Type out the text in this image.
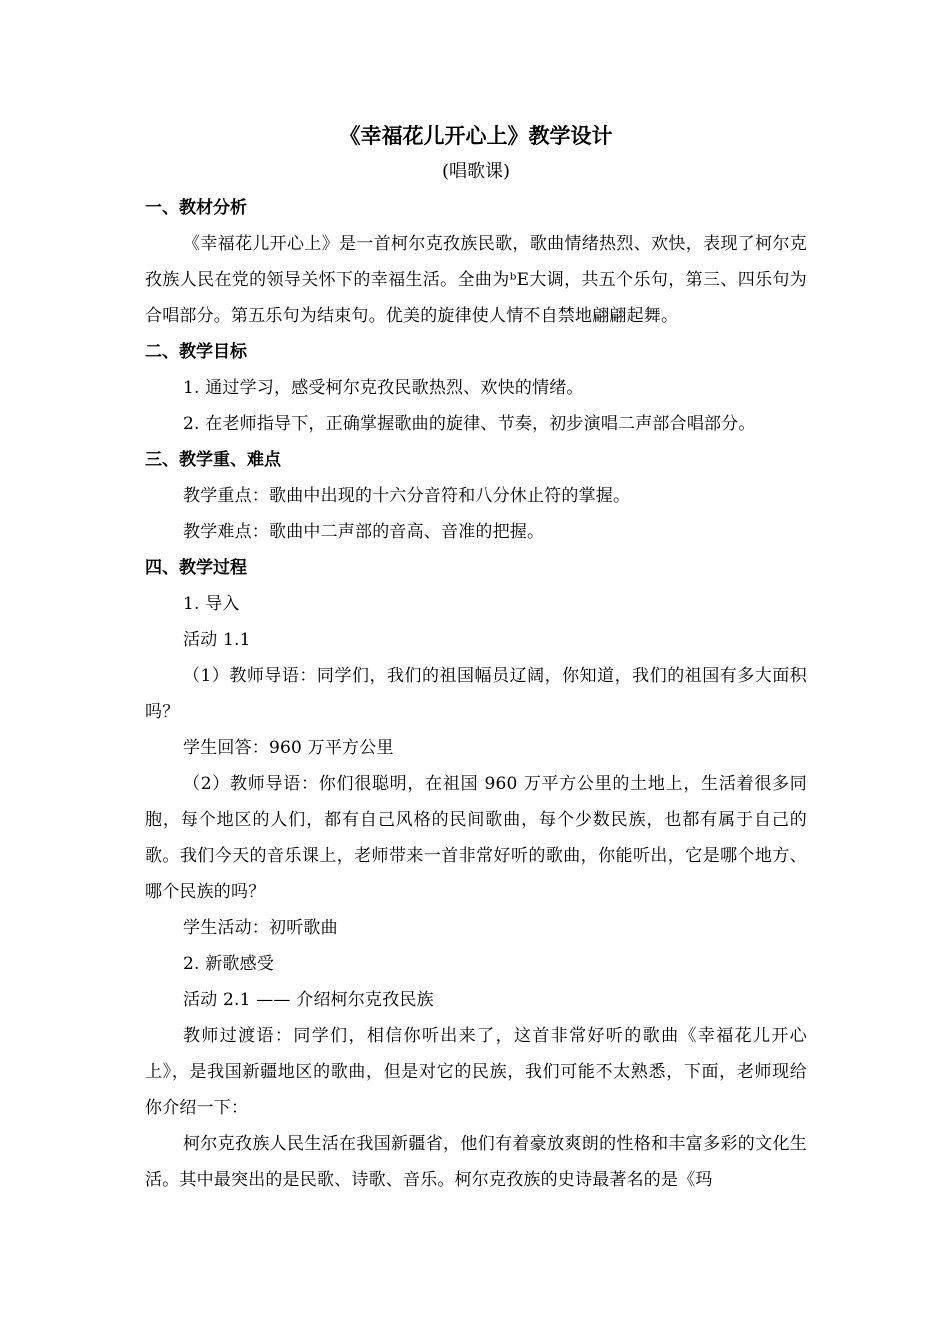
《幸福花儿开心上》教学设计

(唱歌课)

一、教材分析

《幸福花儿开心上》是一首柯尔克孜族民歌，歌曲情绪热烈、欢快，表现了柯尔克孜族人民在党的领导关怀下的幸福生活。全曲为ᵇE大调，共五个乐句，第三、四乐句为合唱部分。第五乐句为结束句。优美的旋律使人情不自禁地翩翩起舞。

二、教学目标

1. 通过学习，感受柯尔克孜民歌热烈、欢快的情绪。

2. 在老师指导下，正确掌握歌曲的旋律、节奏，初步演唱二声部合唱部分。

三、教学重、难点

教学重点：歌曲中出现的十六分音符和八分休止符的掌握。

教学难点：歌曲中二声部的音高、音准的把握。

四、教学过程

1. 导入

活动 1.1

（1）教师导语：同学们，我们的祖国幅员辽阔，你知道，我们的祖国有多大面积吗？

学生回答：960 万平方公里

（2）教师导语：你们很聪明，在祖国 960 万平方公里的土地上，生活着很多同胞，每个地区的人们，都有自己风格的民间歌曲，每个少数民族，也都有属于自己的歌。我们今天的音乐课上，老师带来一首非常好听的歌曲，你能听出，它是哪个地方、哪个民族的吗？

学生活动：初听歌曲

2. 新歌感受

活动 2.1 —— 介绍柯尔克孜民族

教师过渡语：同学们，相信你听出来了，这首非常好听的歌曲《幸福花儿开心上》，是我国新疆地区的歌曲，但是对它的民族，我们可能不太熟悉，下面，老师现给你介绍一下：

柯尔克孜族人民生活在我国新疆省，他们有着豪放爽朗的性格和丰富多彩的文化生活。其中最突出的是民歌、诗歌、音乐。柯尔克孜族的史诗最著名的是《玛
